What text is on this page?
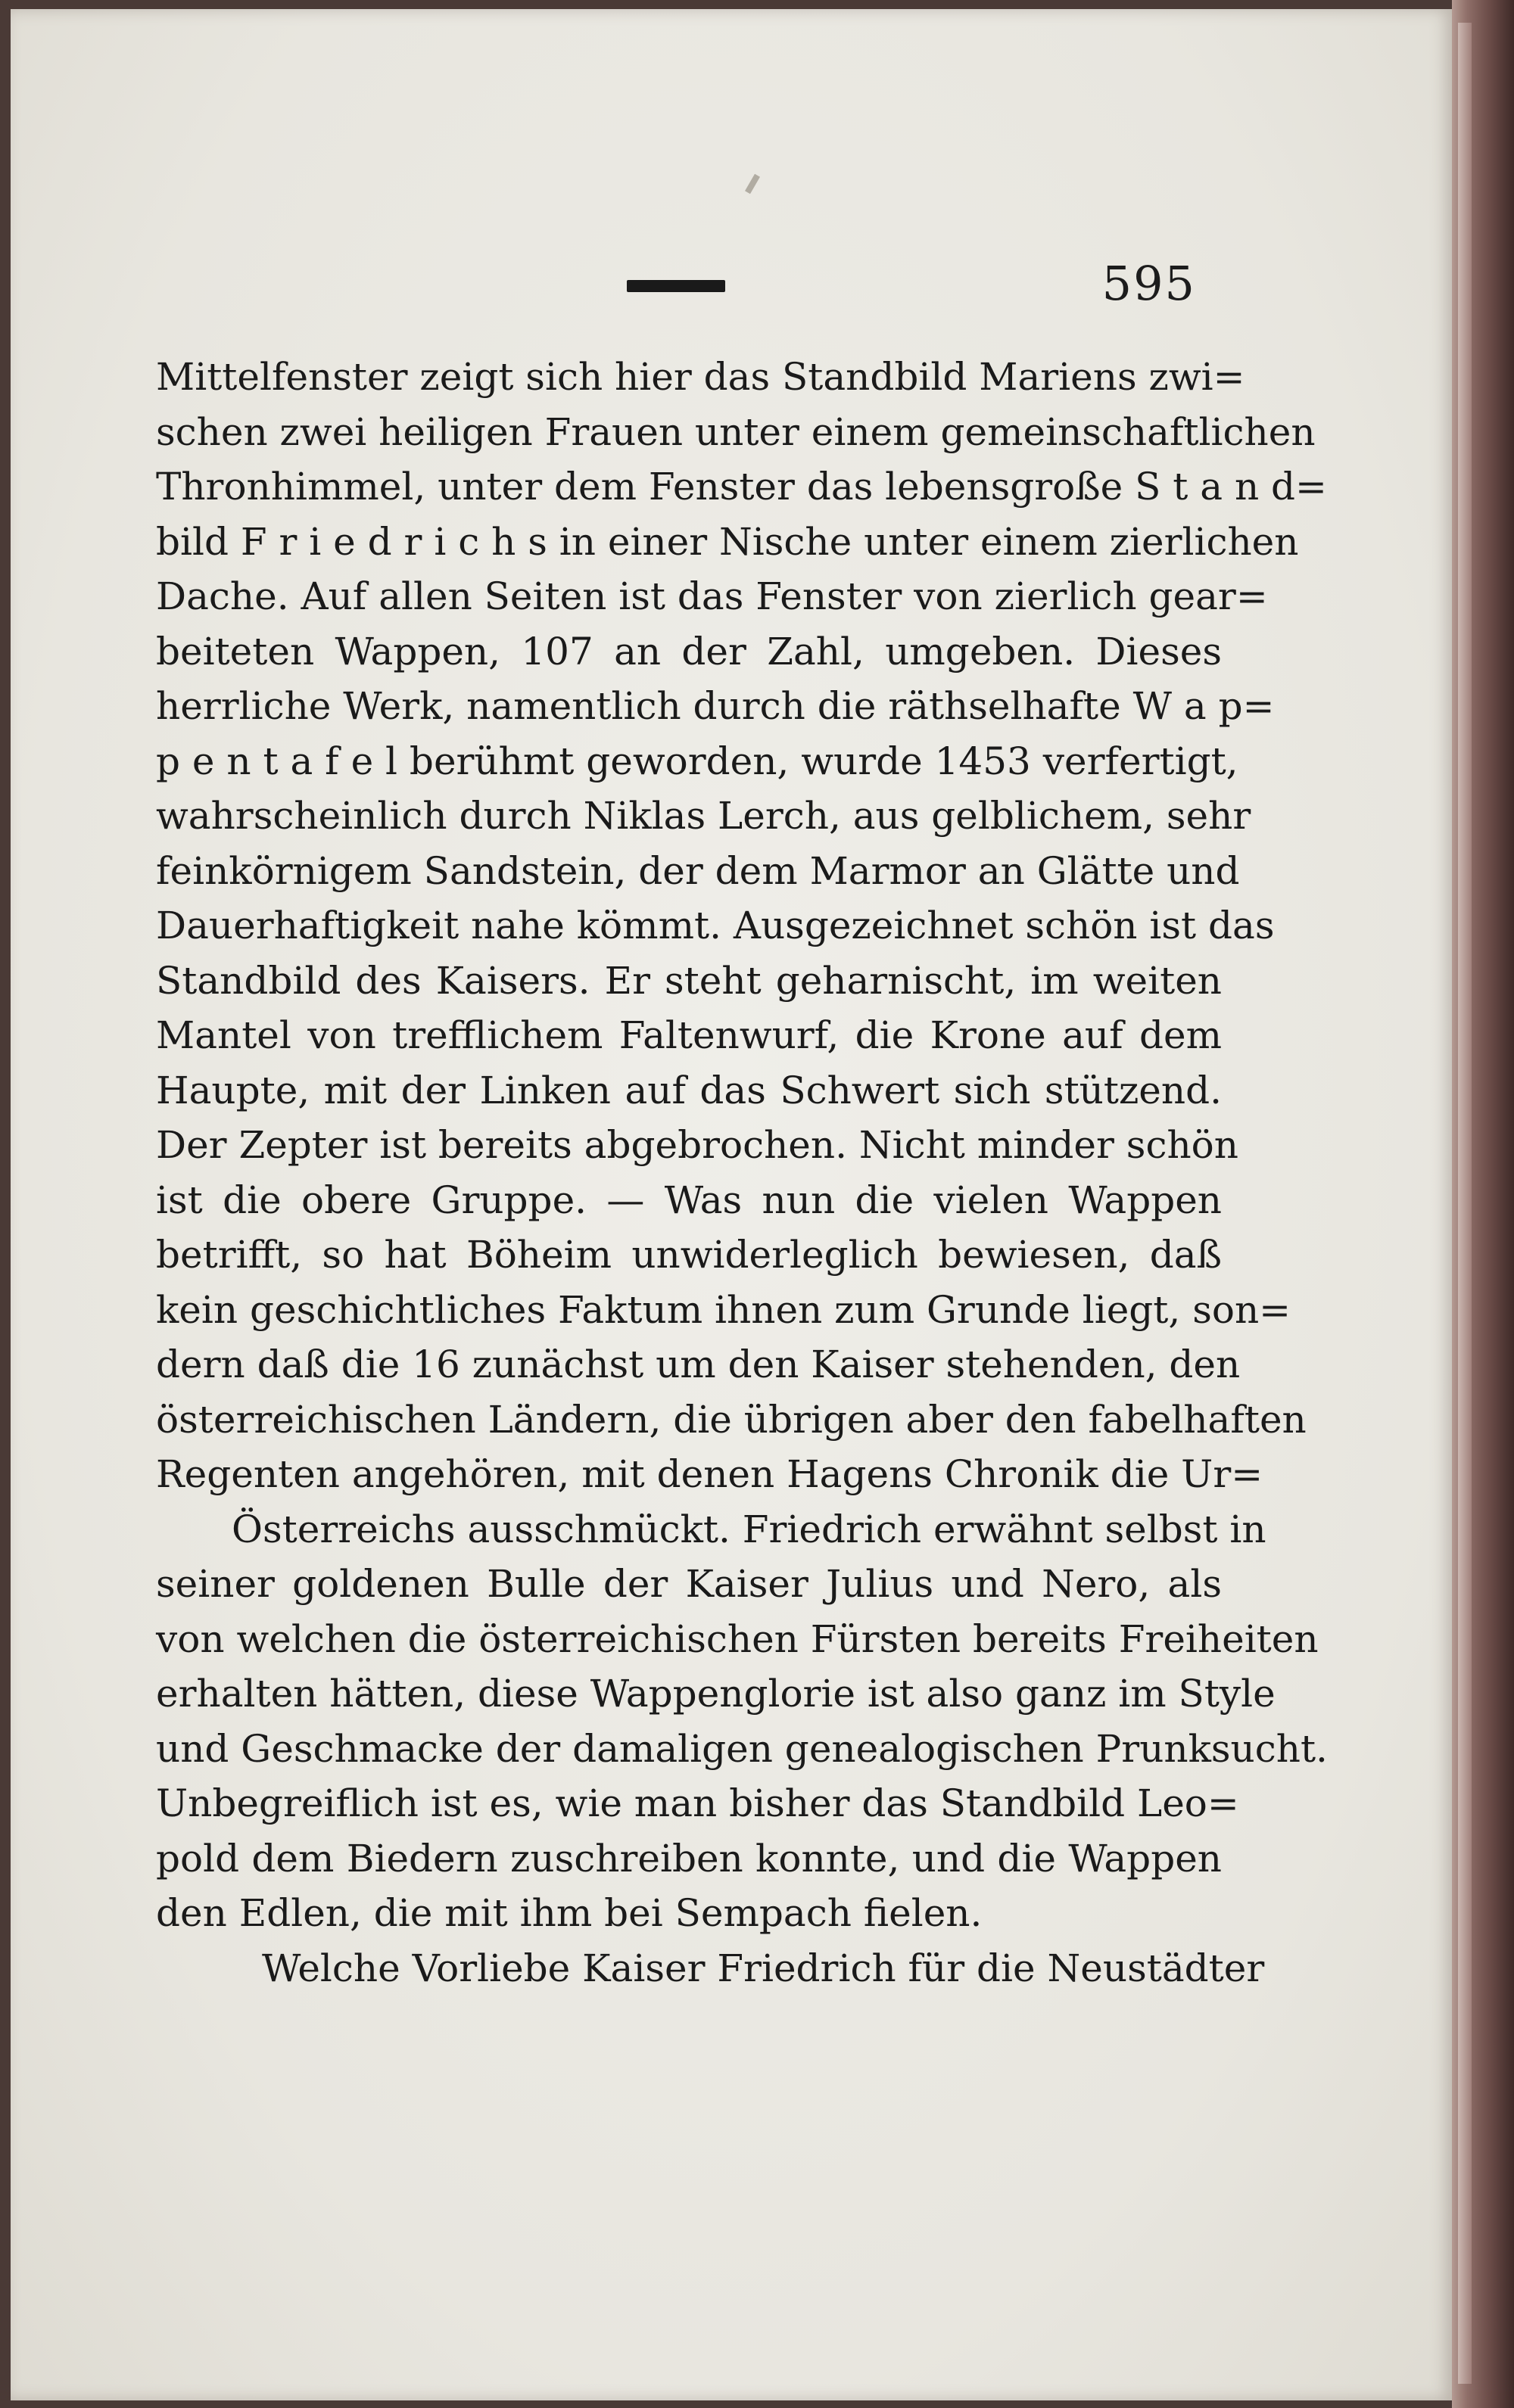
595
Mittelfenster zeigt sich hier das Standbild Mariens zwi=
schen zwei heiligen Frauen unter einem gemeinschaftlichen
Thronhimmel, unter dem Fenster das lebensgroße S t a n d=
bild F r i e d r i c h s in einer Nische unter einem zierlichen
Dache. Auf allen Seiten ist das Fenster von zierlich gear=
beiteten Wappen, 107 an der Zahl, umgeben. Dieses
herrliche Werk, namentlich durch die räthselhafte W a p=
p e n t a f e l berühmt geworden, wurde 1453 verfertigt,
wahrscheinlich durch Niklas Lerch, aus gelblichem, sehr
feinkörnigem Sandstein, der dem Marmor an Glätte und
Dauerhaftigkeit nahe kömmt. Ausgezeichnet schön ist das
Standbild des Kaisers. Er steht geharnischt, im weiten
Mantel von trefflichem Faltenwurf, die Krone auf dem
Haupte, mit der Linken auf das Schwert sich stützend.
Der Zepter ist bereits abgebrochen. Nicht minder schön
ist die obere Gruppe. — Was nun die vielen Wappen
betrifft, so hat Böheim unwiderleglich bewiesen, daß
kein geschichtliches Faktum ihnen zum Grunde liegt, son=
dern daß die 16 zunächst um den Kaiser stehenden, den
österreichischen Ländern, die übrigen aber den fabelhaften
Regenten angehören, mit denen Hagens Chronik die Ur=
Österreichs ausschmückt. Friedrich erwähnt selbst in
seiner goldenen Bulle der Kaiser Julius und Nero, als
von welchen die österreichischen Fürsten bereits Freiheiten
erhalten hätten, diese Wappenglorie ist also ganz im Style
und Geschmacke der damaligen genealogischen Prunksucht.
Unbegreiflich ist es, wie man bisher das Standbild Leo=
pold dem Biedern zuschreiben konnte, und die Wappen
den Edlen, die mit ihm bei Sempach fielen.
Welche Vorliebe Kaiser Friedrich für die Neustädter
